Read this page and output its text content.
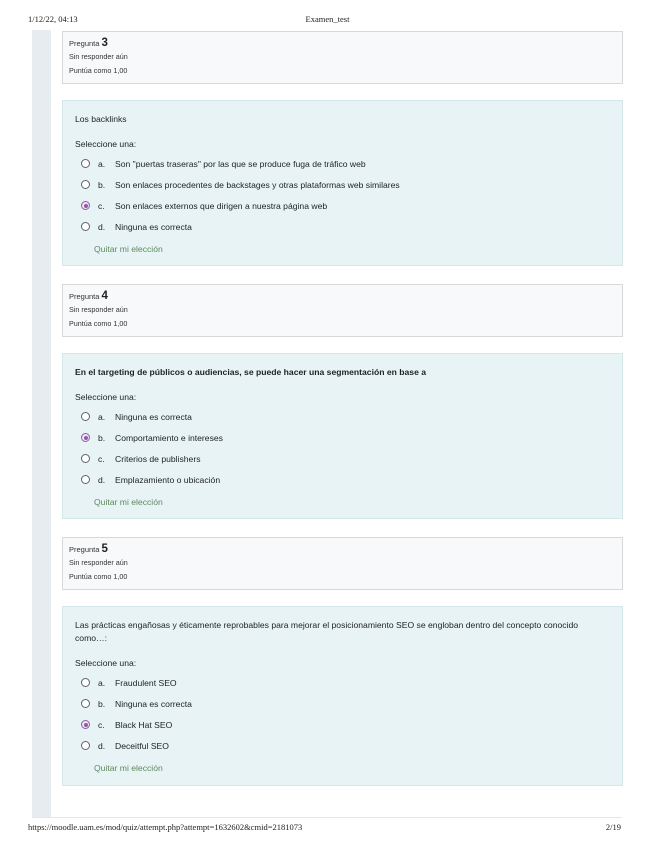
1/12/22, 04:13	Examen_test
Pregunta 3
Sin responder aún
Puntúa como 1,00
Los backlinks
Seleccione una:
a.	Son "puertas traseras" por las que se produce fuga de tráfico web
b.	Son enlaces procedentes de backstages y otras plataformas web similares
c.	Son enlaces externos que dirigen a nuestra página web
d.	Ninguna es correcta
Quitar mi elección
Pregunta 4
Sin responder aún
Puntúa como 1,00
En el targeting de públicos o audiencias, se puede hacer una segmentación en base a
Seleccione una:
a.	Ninguna es correcta
b.	Comportamiento e intereses
c.	Criterios de publishers
d.	Emplazamiento o ubicación
Quitar mi elección
Pregunta 5
Sin responder aún
Puntúa como 1,00
Las prácticas engañosas y éticamente reprobables para mejorar el posicionamiento SEO se engloban dentro del concepto conocido como…:
Seleccione una:
a.	Fraudulent SEO
b.	Ninguna es correcta
c.	Black Hat SEO
d.	Deceitful SEO
Quitar mi elección
https://moodle.uam.es/mod/quiz/attempt.php?attempt=1632602&cmid=2181073	2/19
